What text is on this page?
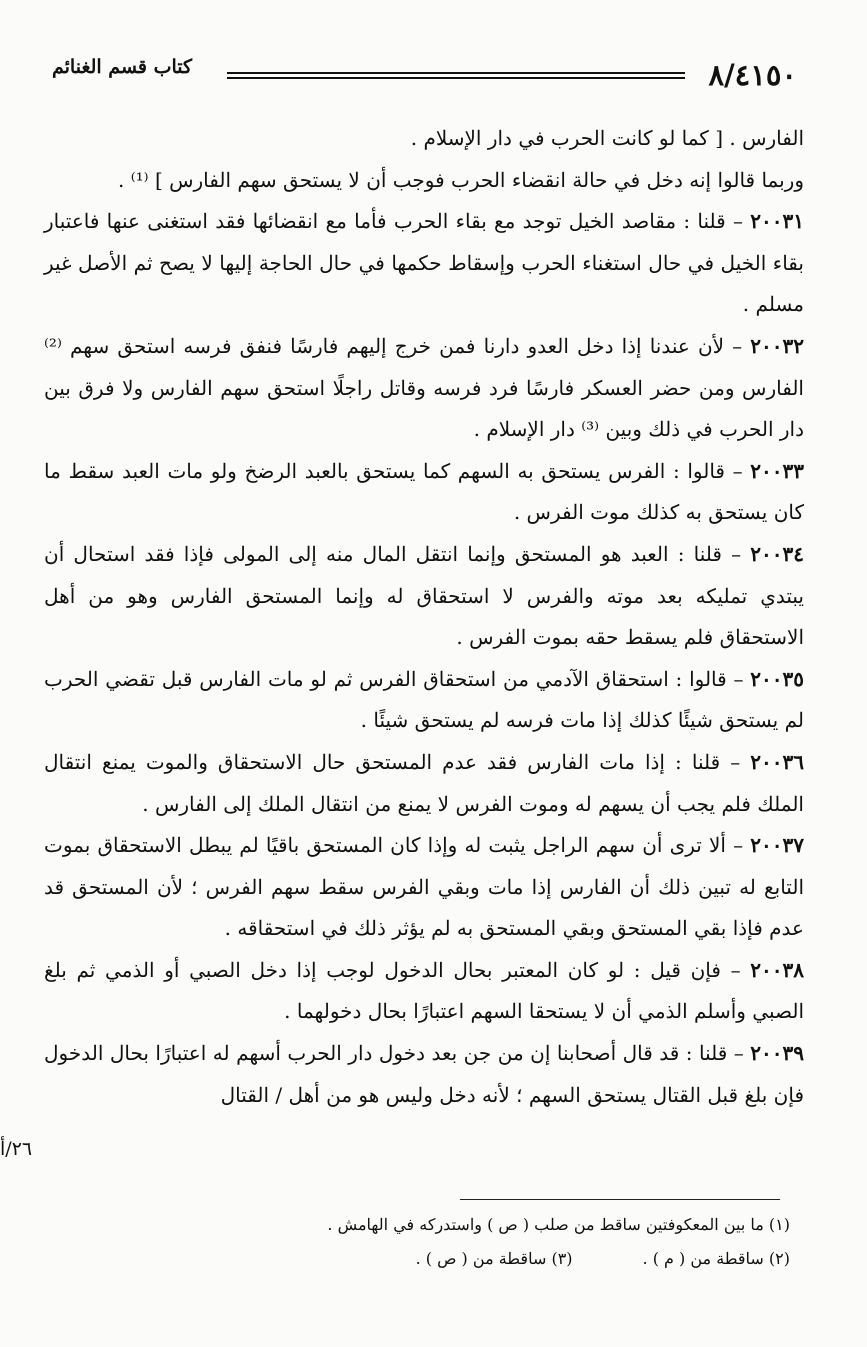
٨/٤١٥٠
كتاب قسم الغنائم

الفارس . [ كما لو كانت الحرب في دار الإسلام .

وربما قالوا إنه دخل في حالة انقضاء الحرب فوجب أن لا يستحق سهم الفارس ] ⁽¹⁾ .

٢٠٠٣١ – قلنا : مقاصد الخيل توجد مع بقاء الحرب فأما مع انقضائها فقد استغنى عنها فاعتبار بقاء الخيل في حال استغناء الحرب وإسقاط حكمها في حال الحاجة إليها لا يصح ثم الأصل غير مسلم .

٢٠٠٣٢ – لأن عندنا إذا دخل العدو دارنا فمن خرج إليهم فارسًا فنفق فرسه استحق سهم ⁽²⁾ الفارس ومن حضر العسكر فارسًا فرد فرسه وقاتل راجلًا استحق سهم الفارس ولا فرق بين دار الحرب في ذلك وبين ⁽³⁾ دار الإسلام .

٢٠٠٣٣ – قالوا : الفرس يستحق به السهم كما يستحق بالعبد الرضخ ولو مات العبد سقط ما كان يستحق به كذلك موت الفرس .

٢٠٠٣٤ – قلنا : العبد هو المستحق وإنما انتقل المال منه إلى المولى فإذا فقد استحال أن يبتدي تمليكه بعد موته والفرس لا استحقاق له وإنما المستحق الفارس وهو من أهل الاستحقاق فلم يسقط حقه بموت الفرس .

٢٠٠٣٥ – قالوا : استحقاق الآدمي من استحقاق الفرس ثم لو مات الفارس قبل تقضي الحرب لم يستحق شيئًا كذلك إذا مات فرسه لم يستحق شيئًا .

٢٠٠٣٦ – قلنا : إذا مات الفارس فقد عدم المستحق حال الاستحقاق والموت يمنع انتقال الملك فلم يجب أن يسهم له وموت الفرس لا يمنع من انتقال الملك إلى الفارس .

٢٠٠٣٧ – ألا ترى أن سهم الراجل يثبت له وإذا كان المستحق باقيًا لم يبطل الاستحقاق بموت التابع له تبين ذلك أن الفارس إذا مات وبقي الفرس سقط سهم الفرس ؛ لأن المستحق قد عدم فإذا بقي المستحق وبقي المستحق به لم يؤثر ذلك في استحقاقه .

٢٠٠٣٨ – فإن قيل : لو كان المعتبر بحال الدخول لوجب إذا دخل الصبي أو الذمي ثم بلغ الصبي وأسلم الذمي أن لا يستحقا السهم اعتبارًا بحال دخولهما .

٢٠٠٣٩ – قلنا : قد قال أصحابنا إن من جن بعد دخول دار الحرب أسهم له اعتبارًا بحال الدخول فإن بلغ قبل القتال يستحق السهم ؛ لأنه دخل وليس هو من أهل / القتال

٢٦/أ

(١) ما بين المعكوفتين ساقط من صلب ( ص ) واستدركه في الهامش .

(٢) ساقطة من ( م ) .(٣) ساقطة من ( ص ) .
